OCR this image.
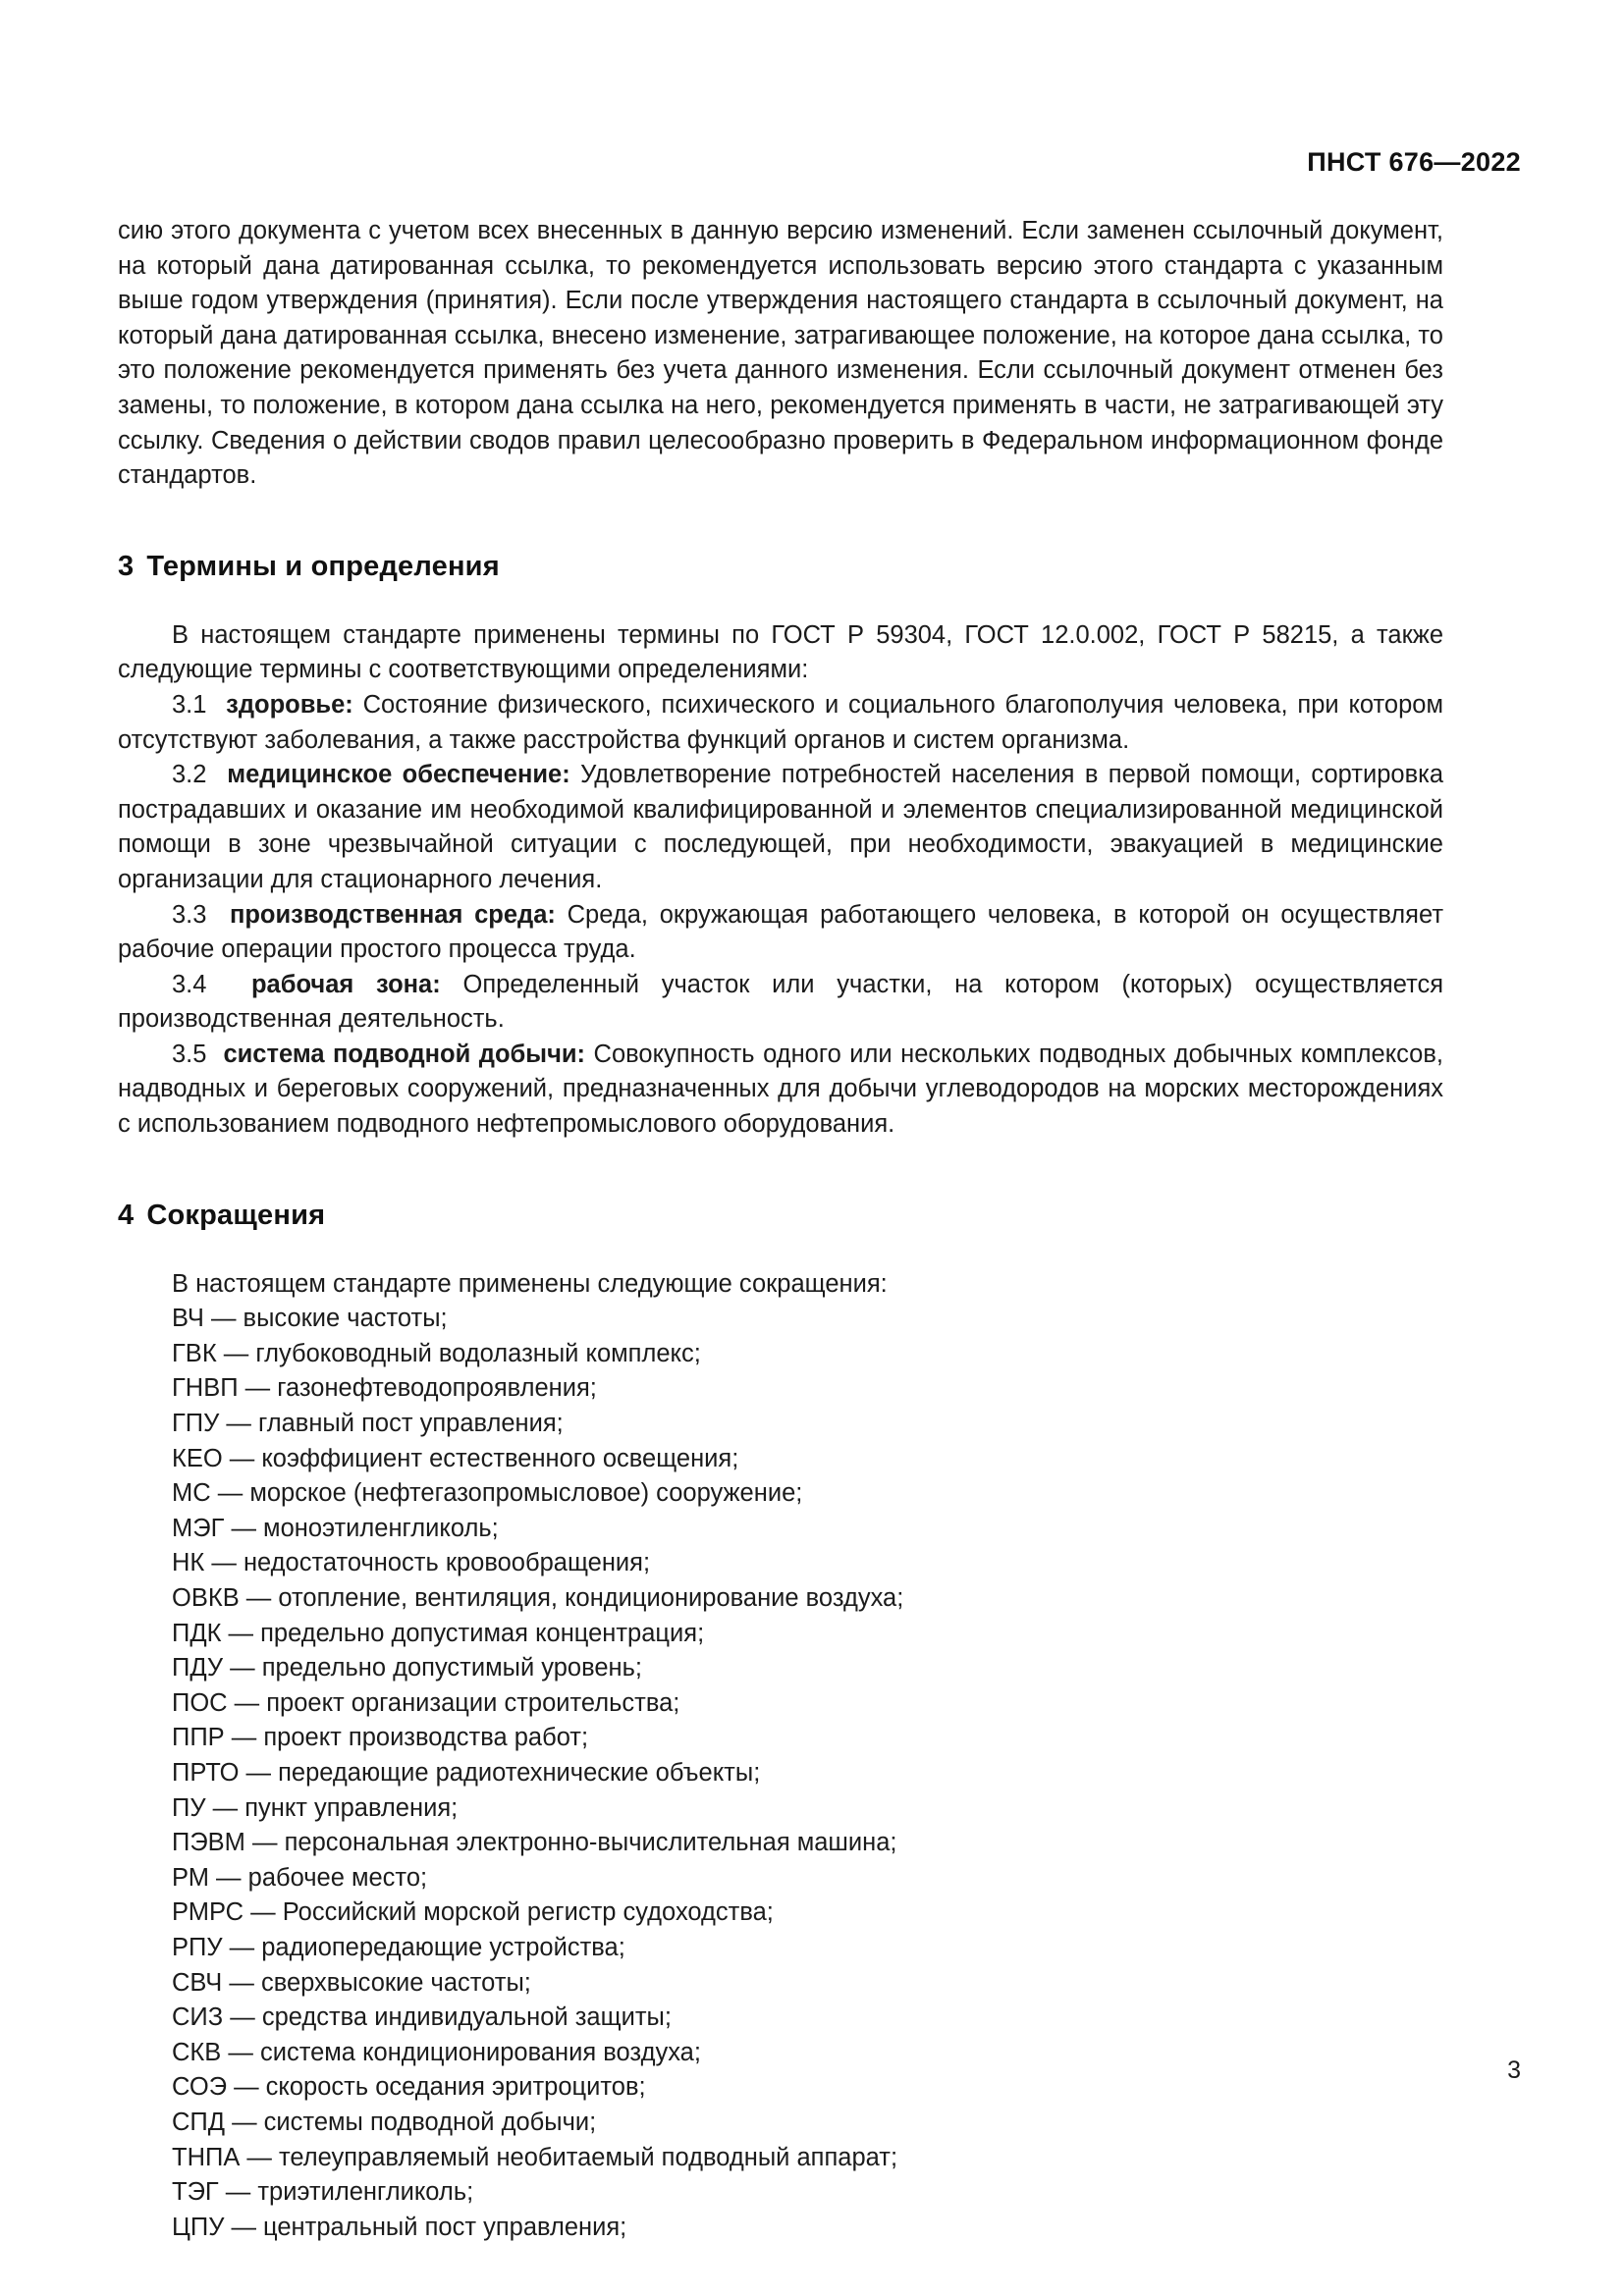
ПНСТ 676—2022

сию этого документа с учетом всех внесенных в данную версию изменений. Если заменен ссылочный документ, на который дана датированная ссылка, то рекомендуется использовать версию этого стандарта с указанным выше годом утверждения (принятия). Если после утверждения настоящего стандарта в ссылочный документ, на который дана датированная ссылка, внесено изменение, затрагивающее положение, на которое дана ссылка, то это положение рекомендуется применять без учета данного изменения. Если ссылочный документ отменен без замены, то положение, в котором дана ссылка на него, рекомендуется применять в части, не затрагивающей эту ссылку. Сведения о действии сводов правил целесообразно проверить в Федеральном информационном фонде стандартов.

3 Термины и определения

В настоящем стандарте применены термины по ГОСТ Р 59304, ГОСТ 12.0.002, ГОСТ Р 58215, а также следующие термины с соответствующими определениями:

3.1 здоровье: Состояние физического, психического и социального благополучия человека, при котором отсутствуют заболевания, а также расстройства функций органов и систем организма.

3.2 медицинское обеспечение: Удовлетворение потребностей населения в первой помощи, сортировка пострадавших и оказание им необходимой квалифицированной и элементов специализированной медицинской помощи в зоне чрезвычайной ситуации с последующей, при необходимости, эвакуацией в медицинские организации для стационарного лечения.

3.3 производственная среда: Среда, окружающая работающего человека, в которой он осуществляет рабочие операции простого процесса труда.

3.4 рабочая зона: Определенный участок или участки, на котором (которых) осуществляется производственная деятельность.

3.5 система подводной добычи: Совокупность одного или нескольких подводных добычных комплексов, надводных и береговых сооружений, предназначенных для добычи углеводородов на морских месторождениях с использованием подводного нефтепромыслового оборудования.

4 Сокращения

В настоящем стандарте применены следующие сокращения:

ВЧ — высокие частоты;
ГВК — глубоководный водолазный комплекс;
ГНВП — газонефтеводопроявления;
ГПУ — главный пост управления;
КЕО — коэффициент естественного освещения;
МС — морское (нефтегазопромысловое) сооружение;
МЭГ — моноэтиленгликоль;
НК — недостаточность кровообращения;
ОВКВ — отопление, вентиляция, кондиционирование воздуха;
ПДК — предельно допустимая концентрация;
ПДУ — предельно допустимый уровень;
ПОС — проект организации строительства;
ППР — проект производства работ;
ПРТО — передающие радиотехнические объекты;
ПУ — пункт управления;
ПЭВМ — персональная электронно-вычислительная машина;
РМ — рабочее место;
РМРС — Российский морской регистр судоходства;
РПУ — радиопередающие устройства;
СВЧ — сверхвысокие частоты;
СИЗ — средства индивидуальной защиты;
СКВ — система кондиционирования воздуха;
СОЭ — скорость оседания эритроцитов;
СПД — системы подводной добычи;
ТНПА — телеуправляемый необитаемый подводный аппарат;
ТЭГ — триэтиленгликоль;
ЦПУ — центральный пост управления;
3
